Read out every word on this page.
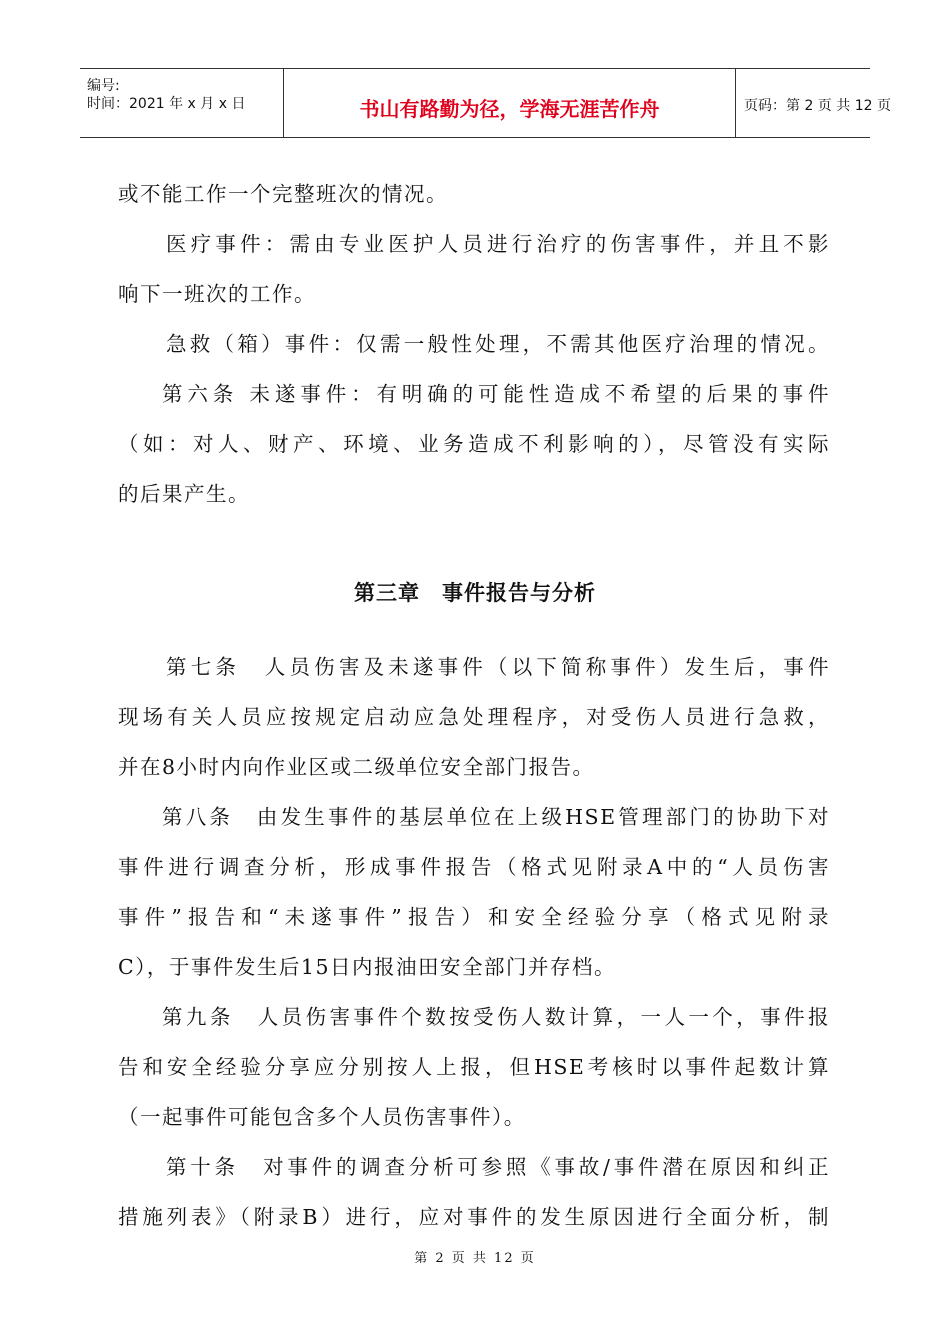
编号:
时间：2021 年 x 月 x 日	书山有路勤为径，学海无涯苦作舟	页码：第 2 页 共 12 页
或不能工作一个完整班次的情况。
医疗事件：需由专业医护人员进行治疗的伤害事件，并且不影
响下一班次的工作。
急救（箱）事件：仅需一般性处理，不需其他医疗治理的情况。
第六条 未遂事件：有明确的可能性造成不希望的后果的事件
（如：对人、财产、环境、业务造成不利影响的），尽管没有实际
的后果产生。
第三章　事件报告与分析
第七条　人员伤害及未遂事件（以下简称事件）发生后，事件
现场有关人员应按规定启动应急处理程序，对受伤人员进行急救，
并在8小时内向作业区或二级单位安全部门报告。
第八条　由发生事件的基层单位在上级HSE管理部门的协助下对
事件进行调查分析，形成事件报告（格式见附录A中的“人员伤害
事件”报告和“未遂事件”报告）和安全经验分享（格式见附录
C），于事件发生后15日内报油田安全部门并存档。
第九条　人员伤害事件个数按受伤人数计算，一人一个，事件报
告和安全经验分享应分别按人上报，但HSE考核时以事件起数计算
（一起事件可能包含多个人员伤害事件）。
第十条　对事件的调查分析可参照《事故/事件潜在原因和纠正
措施列表》（附录B）进行，应对事件的发生原因进行全面分析，制
第 2 页 共 12 页
